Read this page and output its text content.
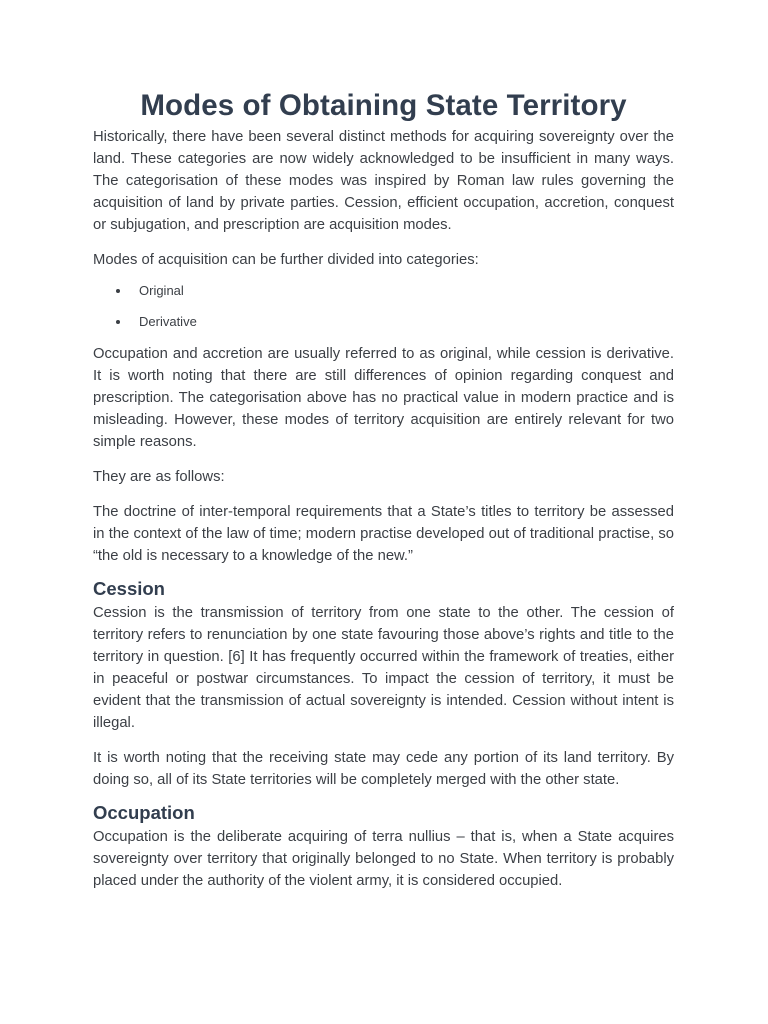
Modes of Obtaining State Territory

Historically, there have been several distinct methods for acquiring sovereignty over the land. These categories are now widely acknowledged to be insufficient in many ways. The categorisation of these modes was inspired by Roman law rules governing the acquisition of land by private parties. Cession, efficient occupation, accretion, conquest or subjugation, and prescription are acquisition modes.

Modes of acquisition can be further divided into categories:

Original
Derivative

Occupation and accretion are usually referred to as original, while cession is derivative. It is worth noting that there are still differences of opinion regarding conquest and prescription. The categorisation above has no practical value in modern practice and is misleading. However, these modes of territory acquisition are entirely relevant for two simple reasons.

They are as follows:

The doctrine of inter-temporal requirements that a State’s titles to territory be assessed in the context of the law of time; modern practise developed out of traditional practise, so “the old is necessary to a knowledge of the new.”

Cession

Cession is the transmission of territory from one state to the other. The cession of territory refers to renunciation by one state favouring those above’s rights and title to the territory in question. [6] It has frequently occurred within the framework of treaties, either in peaceful or postwar circumstances. To impact the cession of territory, it must be evident that the transmission of actual sovereignty is intended. Cession without intent is illegal.

It is worth noting that the receiving state may cede any portion of its land territory. By doing so, all of its State territories will be completely merged with the other state.

Occupation

Occupation is the deliberate acquiring of terra nullius – that is, when a State acquires sovereignty over territory that originally belonged to no State. When territory is probably placed under the authority of the violent army, it is considered occupied.
